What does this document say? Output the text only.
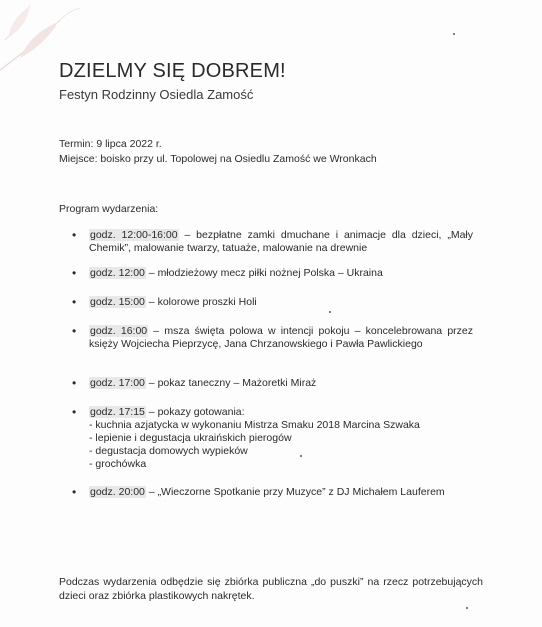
DZIELMY SIĘ DOBREM!
Festyn Rodzinny Osiedla Zamość
Termin: 9 lipca 2022 r.
Miejsce: boisko przy ul. Topolowej na Osiedlu Zamość we Wronkach
Program wydarzenia:
• godz. 12:00-16:00 – bezpłatne zamki dmuchane i animacje dla dzieci, „Mały Chemik”, malowanie twarzy, tatuaże, malowanie na drewnie
• godz. 12:00 – młodzieżowy mecz piłki nożnej Polska – Ukraina
• godz. 15:00 – kolorowe proszki Holi
• godz. 16:00 – msza święta polowa w intencji pokoju – koncelebrowana przez księży Wojciecha Pieprzycę, Jana Chrzanowskiego i Pawła Pawlickiego
• godz. 17:00 – pokaz taneczny – Mażoretki Miraż
• godz. 17:15 – pokazy gotowania:
- kuchnia azjatycka w wykonaniu Mistrza Smaku 2018 Marcina Szwaka
- lepienie i degustacja ukraińskich pierogów
- degustacja domowych wypieków
- grochówka
• godz. 20:00 – „Wieczorne Spotkanie przy Muzyce” z DJ Michałem Lauferem
Podczas wydarzenia odbędzie się zbiórka publiczna „do puszki” na rzecz potrzebujących dzieci oraz zbiórka plastikowych nakrętek.
